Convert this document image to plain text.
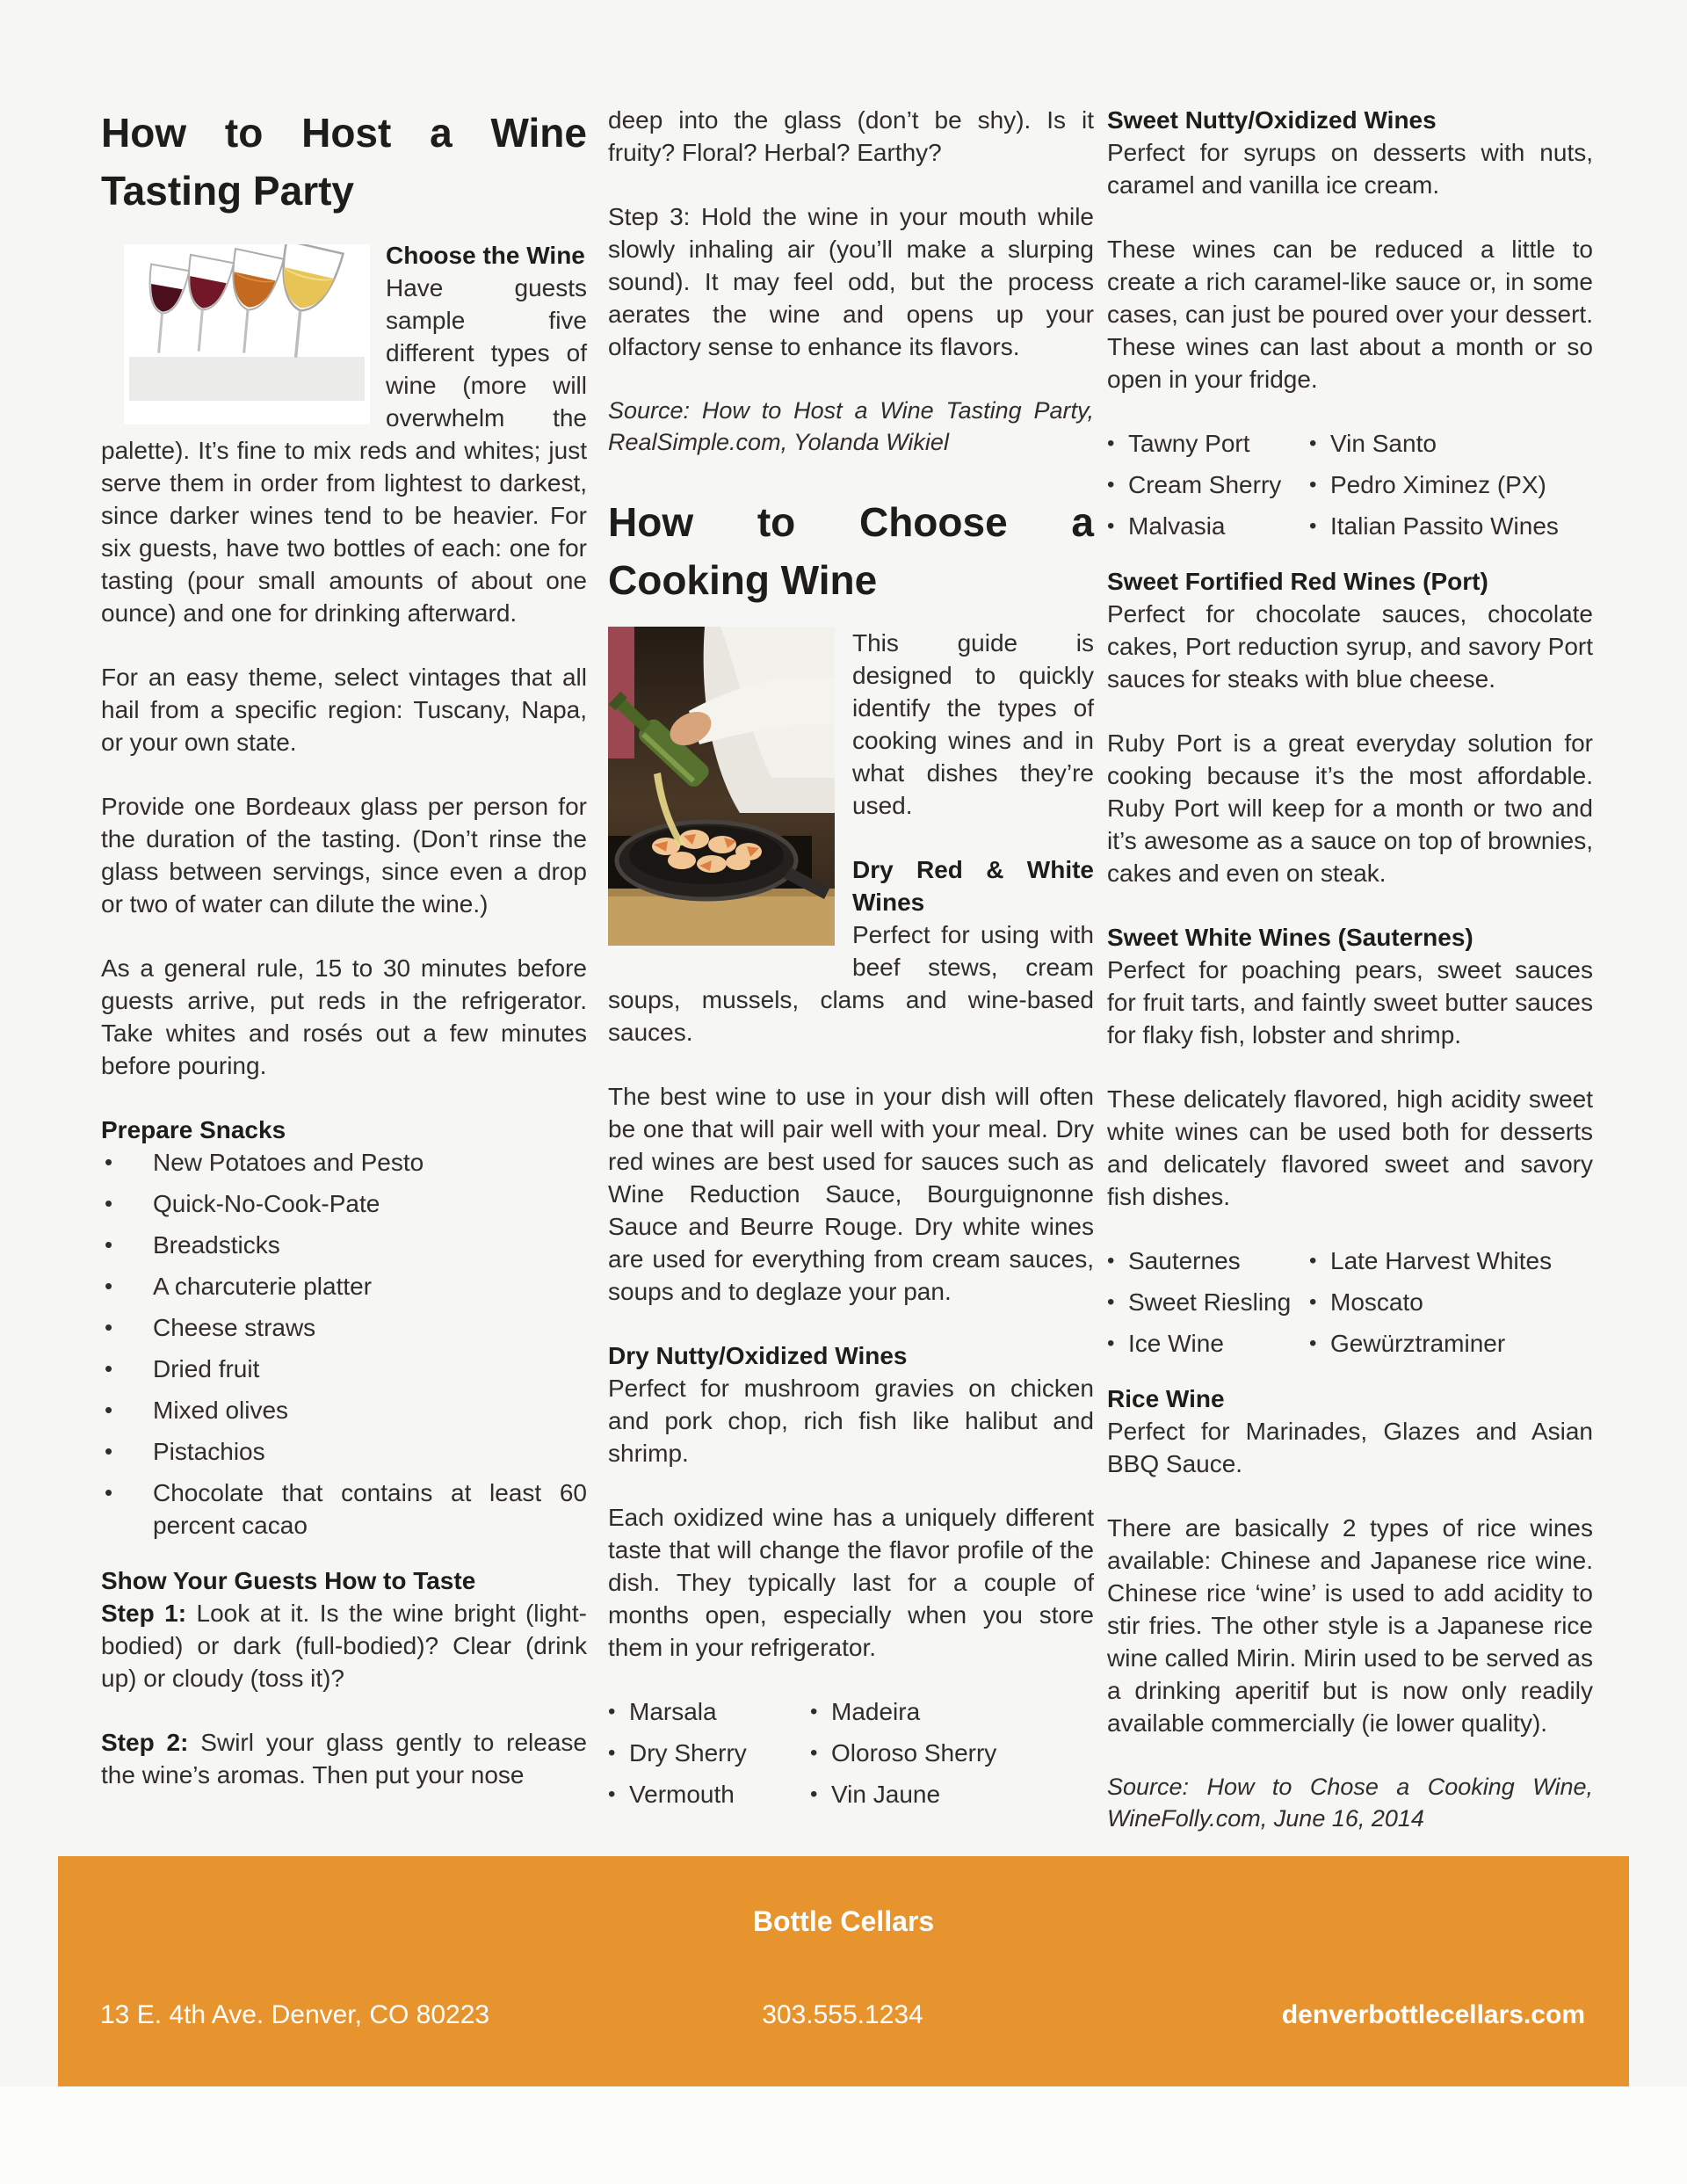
How to Host a Wine
Tasting Party

Choose the Wine
Have guests sample five different types of wine (more will overwhelm the palette). It’s fine to mix reds and whites; just serve them in order from lightest to darkest, since darker wines tend to be heavier. For six guests, have two bottles of each: one for tasting (pour small amounts of about one ounce) and one for drinking afterward.

For an easy theme, select vintages that all hail from a specific region: Tuscany, Napa, or your own state.

Provide one Bordeaux glass per person for the duration of the tasting. (Don’t rinse the glass between servings, since even a drop or two of water can dilute the wine.)

As a general rule, 15 to 30 minutes before guests arrive, put reds in the refrigerator. Take whites and rosés out a few minutes before pouring.

Prepare Snacks

• New Potatoes and Pesto
• Quick-No-Cook-Pate
• Breadsticks
• A charcuterie platter
• Cheese straws
• Dried fruit
• Mixed olives
• Pistachios
• Chocolate that contains at least 60 percent cacao

Show Your Guests How to Taste

Step 1: Look at it. Is the wine bright (light-bodied) or dark (full-bodied)? Clear (drink up) or cloudy (toss it)?

Step 2: Swirl your glass gently to release the wine’s aromas. Then put your nose

deep into the glass (don’t be shy). Is it fruity? Floral? Herbal? Earthy?

Step 3: Hold the wine in your mouth while slowly inhaling air (you’ll make a slurping sound). It may feel odd, but the process aerates the wine and opens up your olfactory sense to enhance its flavors.

Source: How to Host a Wine Tasting Party, RealSimple.com, Yolanda Wikiel

How to Choose a
Cooking Wine

This guide is designed to quickly identify the types of cooking wines and in what dishes they’re used.

Dry Red & White Wines
Perfect for using with beef stews, cream soups, mussels, clams and wine-based sauces.

The best wine to use in your dish will often be one that will pair well with your meal. Dry red wines are best used for sauces such as Wine Reduction Sauce, Bourguignonne Sauce and Beurre Rouge. Dry white wines are used for everything from cream sauces, soups and to deglaze your pan.

Dry Nutty/Oxidized Wines
Perfect for mushroom gravies on chicken and pork chop, rich fish like halibut and shrimp.

Each oxidized wine has a uniquely different taste that will change the flavor profile of the dish. They typically last for a couple of months open, especially when you store them in your refrigerator.

• Marsala	• Madeira
• Dry Sherry	• Oloroso Sherry
• Vermouth	• Vin Jaune

Sweet Nutty/Oxidized Wines
Perfect for syrups on desserts with nuts, caramel and vanilla ice cream.

These wines can be reduced a little to create a rich caramel-like sauce or, in some cases, can just be poured over your dessert. These wines can last about a month or so open in your fridge.

• Tawny Port	• Vin Santo
• Cream Sherry	• Pedro Ximinez (PX)
• Malvasia	• Italian Passito Wines

Sweet Fortified Red Wines (Port)
Perfect for chocolate sauces, chocolate cakes, Port reduction syrup, and savory Port sauces for steaks with blue cheese.

Ruby Port is a great everyday solution for cooking because it’s the most affordable. Ruby Port will keep for a month or two and it’s awesome as a sauce on top of brownies, cakes and even on steak.

Sweet White Wines (Sauternes)
Perfect for poaching pears, sweet sauces for fruit tarts, and faintly sweet butter sauces for flaky fish, lobster and shrimp.

These delicately flavored, high acidity sweet white wines can be used both for desserts and delicately flavored sweet and savory fish dishes.

• Sauternes	• Late Harvest Whites
• Sweet Riesling	• Moscato
• Ice Wine	• Gewürztraminer

Rice Wine
Perfect for Marinades, Glazes and Asian BBQ Sauce.

There are basically 2 types of rice wines available: Chinese and Japanese rice wine. Chinese rice ‘wine’ is used to add acidity to stir fries. The other style is a Japanese rice wine called Mirin. Mirin used to be served as a drinking aperitif but is now only readily available commercially (ie lower quality).

Source: How to Chose a Cooking Wine, WineFolly.com, June 16, 2014

Bottle Cellars
13 E. 4th Ave. Denver, CO 80223	303.555.1234	denverbottlecellars.com
